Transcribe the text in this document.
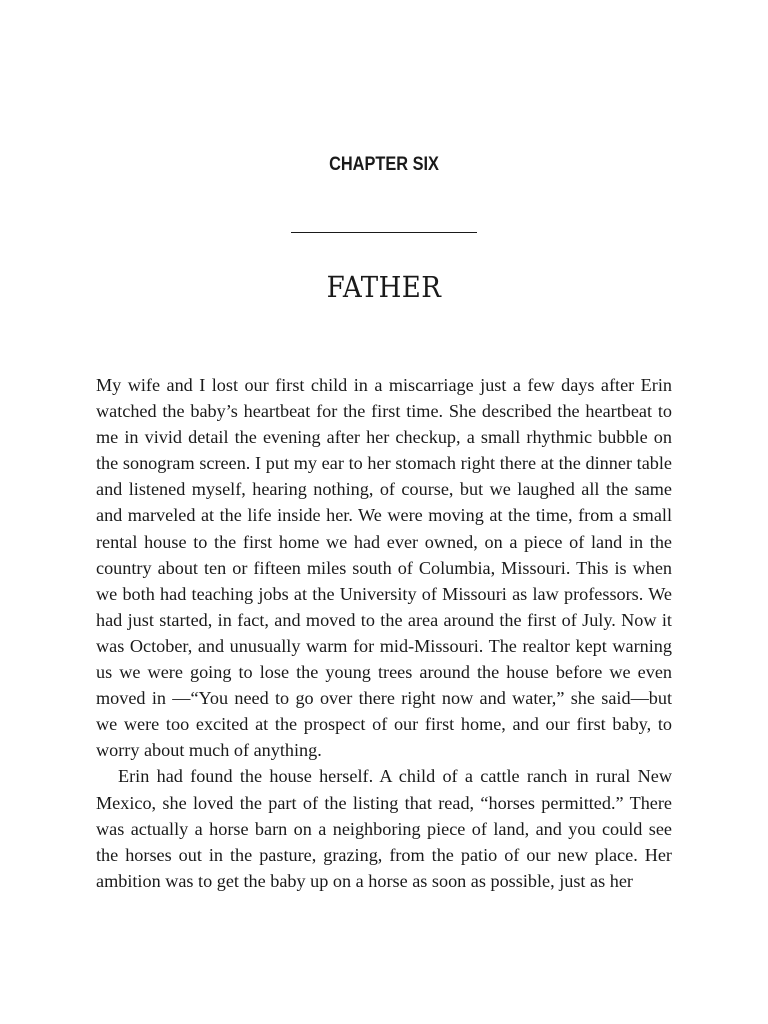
CHAPTER SIX
FATHER

My wife and I lost our first child in a miscarriage just a few days after Erin watched the baby’s heartbeat for the first time. She described the heartbeat to me in vivid detail the evening after her checkup, a small rhythmic bubble on the sonogram screen. I put my ear to her stomach right there at the dinner table and listened myself, hearing nothing, of course, but we laughed all the same and marveled at the life inside her. We were moving at the time, from a small rental house to the first home we had ever owned, on a piece of land in the country about ten or fifteen miles south of Columbia, Missouri. This is when we both had teaching jobs at the University of Missouri as law professors. We had just started, in fact, and moved to the area around the first of July. Now it was October, and unusually warm for mid-Missouri. The realtor kept warning us we were going to lose the young trees around the house before we even moved in —“You need to go over there right now and water,” she said—but we were too excited at the prospect of our first home, and our first baby, to worry about much of anything.

Erin had found the house herself. A child of a cattle ranch in rural New Mexico, she loved the part of the listing that read, “horses permitted.” There was actually a horse barn on a neighboring piece of land, and you could see the horses out in the pasture, grazing, from the patio of our new place. Her ambition was to get the baby up on a horse as soon as possible, just as her
